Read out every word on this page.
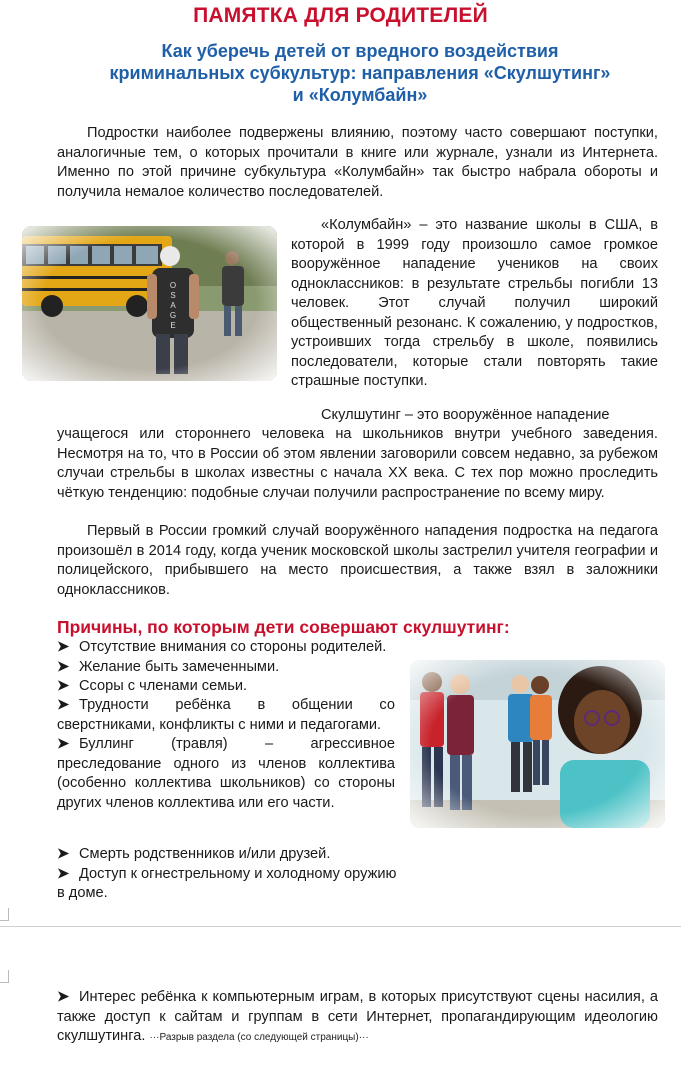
ПАМЯТКА ДЛЯ РОДИТЕЛЕЙ
Как уберечь детей от вредного воздействия
криминальных субкультур: направления «Скулшутинг»
и «Колумбайн»

Подростки наиболее подвержены влиянию, поэтому часто совершают поступки, аналогичные тем, о которых прочитали в книге или журнале, узнали из Интернета. Именно по этой причине субкультура «Колумбайн» так быстро набрала обороты и получила немалое количество последователей.

«Колумбайн» – это название школы в США, в которой в 1999 году произошло самое громкое вооружённое нападение учеников на своих одноклассников: в результате стрельбы погибли 13 человек. Этот случай получил широкий общественный резонанс. К сожалению, у подростков, устроивших тогда стрельбу в школе, появились последователи, которые стали повторять такие страшные поступки.

Скулшутинг – это вооружённое нападение

учащегося или стороннего человека на школьников внутри учебного заведения. Несмотря на то, что в России об этом явлении заговорили совсем недавно, за рубежом случаи стрельбы в школах известны с начала XX века. С тех пор можно проследить чёткую тенденцию: подобные случаи получили распространение по всему миру.

Первый в России громкий случай вооружённого нападения подростка на педагога произошёл в 2014 году, когда ученик московской школы застрелил учителя географии и полицейского, прибывшего на место происшествия, а также взял в заложники одноклассников.

Причины, по которым дети совершают скулшутинг:
➤ Отсутствие внимания со стороны родителей.
➤ Желание быть замеченными.
➤ Ссоры с членами семьи.
➤ Трудности ребёнка в общении со сверстниками, конфликты с ними и педагогами.
➤ Буллинг (травля) – агрессивное преследование одного из членов коллектива (особенно коллектива школьников) со стороны других членов коллектива или его части.
➤ Смерть родственников и/или друзей.
➤ Доступ к огнестрельному и холодному оружию в доме.
➤ Интерес ребёнка к компьютерным играм, в которых присутствуют сцены насилия, а также доступ к сайтам и группам в сети Интернет, пропагандирующим идеологию скулшутинга. ···Разрыв раздела (со следующей страницы)···
